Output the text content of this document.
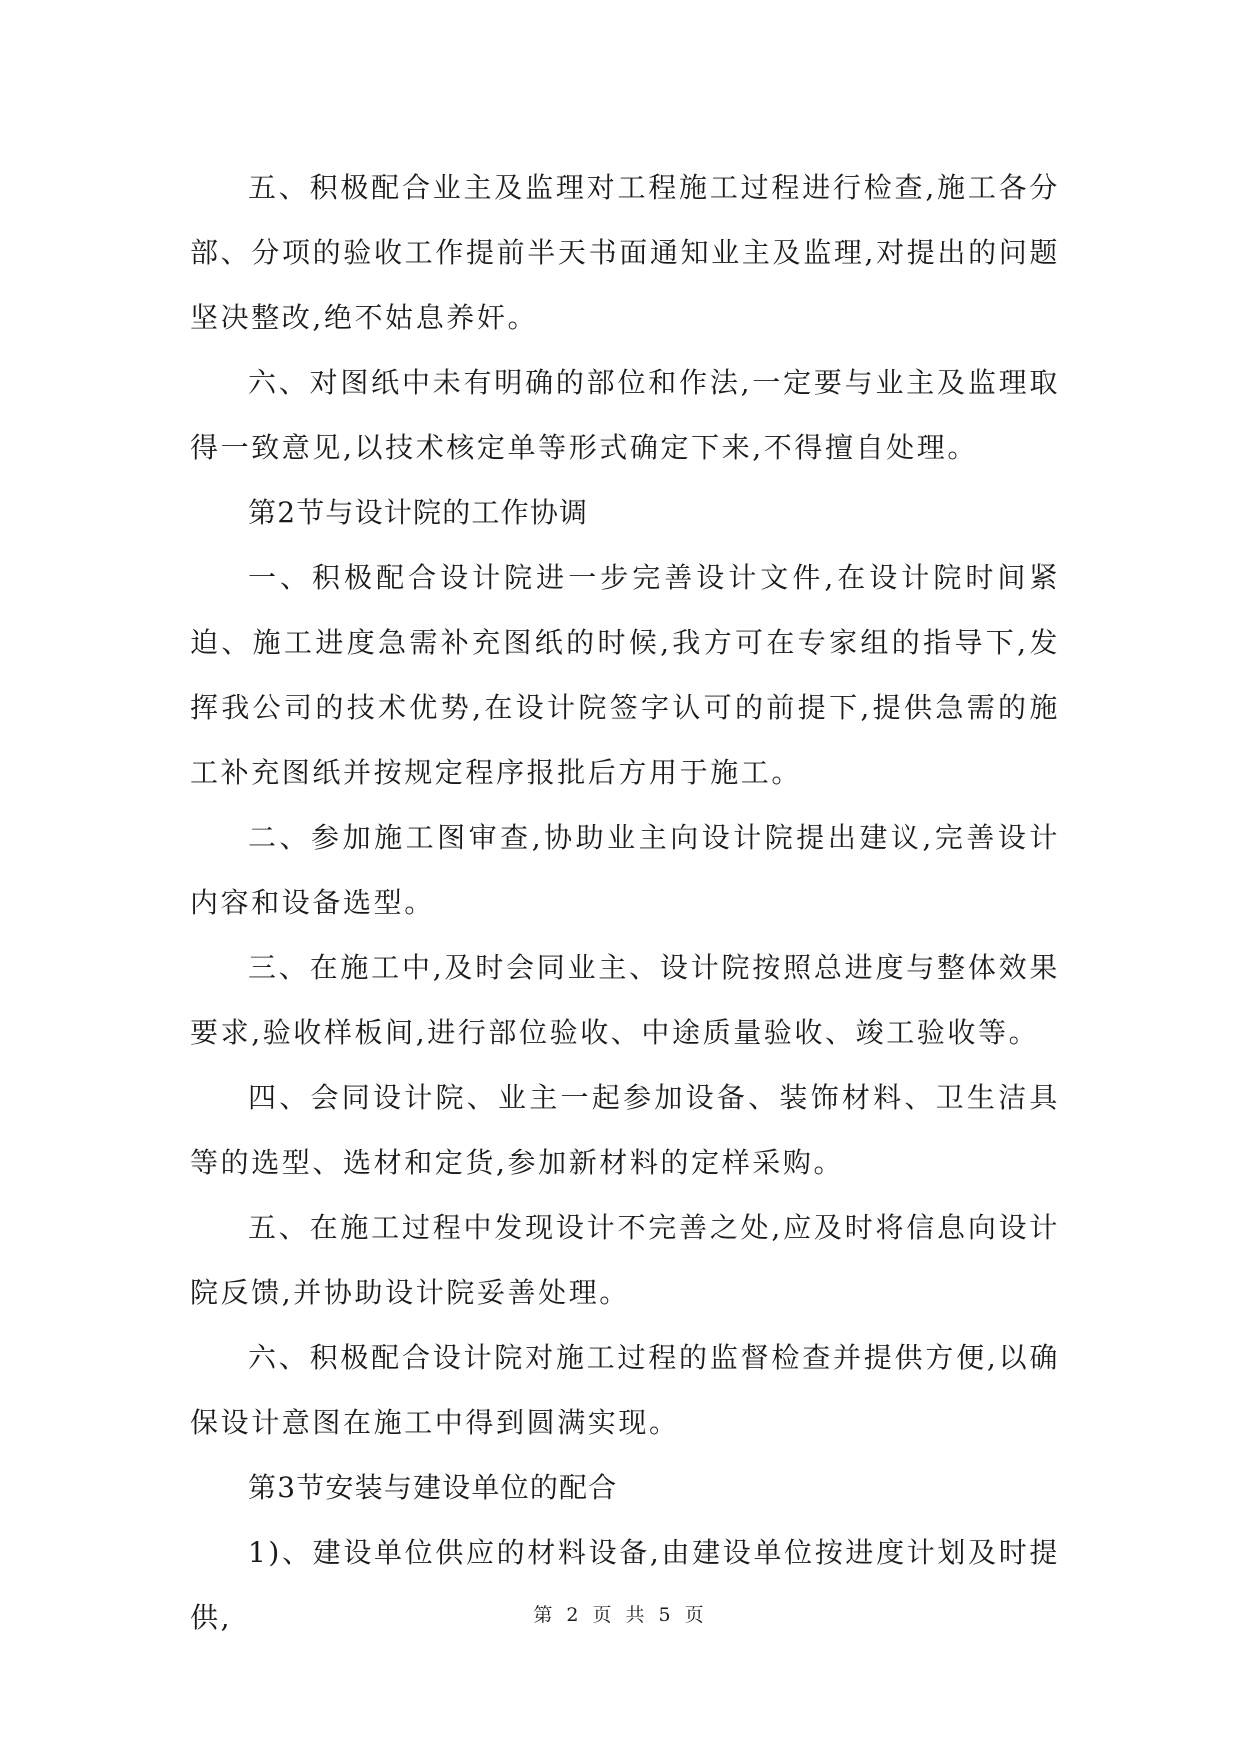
五、积极配合业主及监理对工程施工过程进行检查,施工各分部、分项的验收工作提前半天书面通知业主及监理,对提出的问题坚决整改,绝不姑息养奸。

六、对图纸中未有明确的部位和作法,一定要与业主及监理取得一致意见,以技术核定单等形式确定下来,不得擅自处理。

第2节与设计院的工作协调

一、积极配合设计院进一步完善设计文件,在设计院时间紧迫、施工进度急需补充图纸的时候,我方可在专家组的指导下,发挥我公司的技术优势,在设计院签字认可的前提下,提供急需的施工补充图纸并按规定程序报批后方用于施工。

二、参加施工图审查,协助业主向设计院提出建议,完善设计内容和设备选型。

三、在施工中,及时会同业主、设计院按照总进度与整体效果要求,验收样板间,进行部位验收、中途质量验收、竣工验收等。

四、会同设计院、业主一起参加设备、装饰材料、卫生洁具等的选型、选材和定货,参加新材料的定样采购。

五、在施工过程中发现设计不完善之处,应及时将信息向设计院反馈,并协助设计院妥善处理。

六、积极配合设计院对施工过程的监督检查并提供方便,以确保设计意图在施工中得到圆满实现。

第3节安装与建设单位的配合

1)、建设单位供应的材料设备,由建设单位按进度计划及时提供,	第 2 页 共 5 页
